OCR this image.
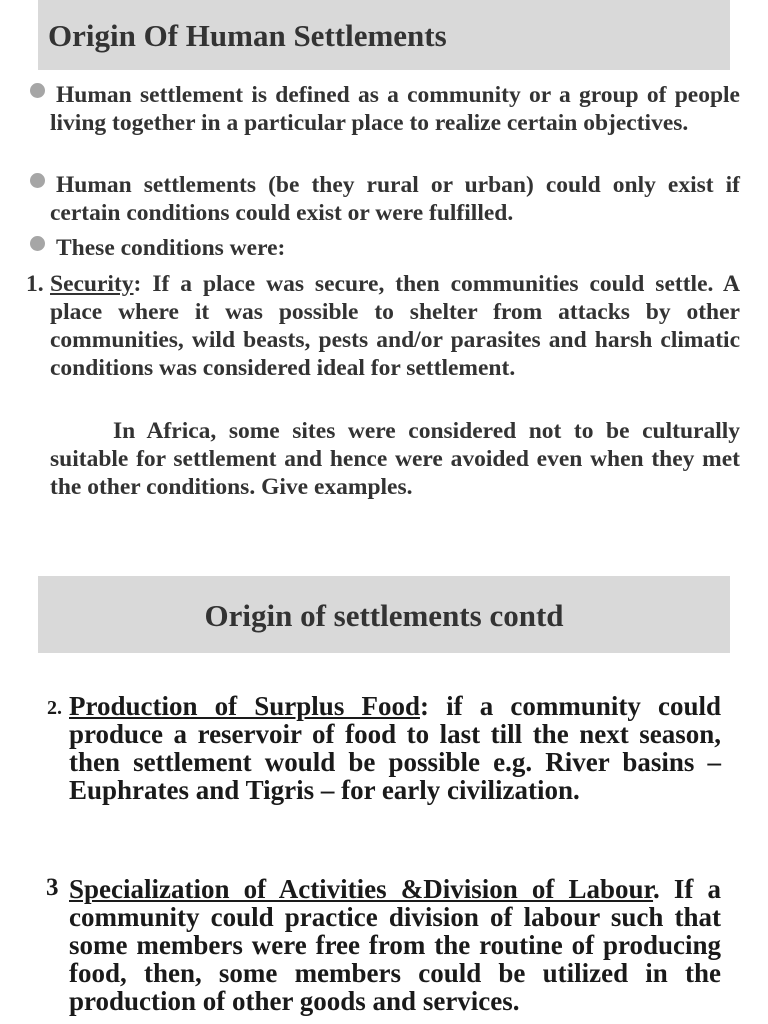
Origin Of Human Settlements
Human settlement is defined as a community or a group of people living together in a particular place to realize certain objectives.
Human settlements (be they rural or urban) could only exist if certain conditions could exist or were fulfilled.
These conditions were:
1. Security: If a place was secure, then communities could settle. A place where it was possible to shelter from attacks by other communities, wild beasts, pests and/or parasites and harsh climatic conditions was considered ideal for settlement.
In Africa, some sites were considered not to be culturally suitable for settlement and hence were avoided even when they met the other conditions. Give examples.
Origin of settlements contd
2. Production of Surplus Food: if a community could produce a reservoir of food to last till the next season, then settlement would be possible e.g. River basins – Euphrates and Tigris – for early civilization.
3 Specialization of Activities &Division of Labour. If a community could practice division of labour such that some members were free from the routine of producing food, then, some members could be utilized in the production of other goods and services.
